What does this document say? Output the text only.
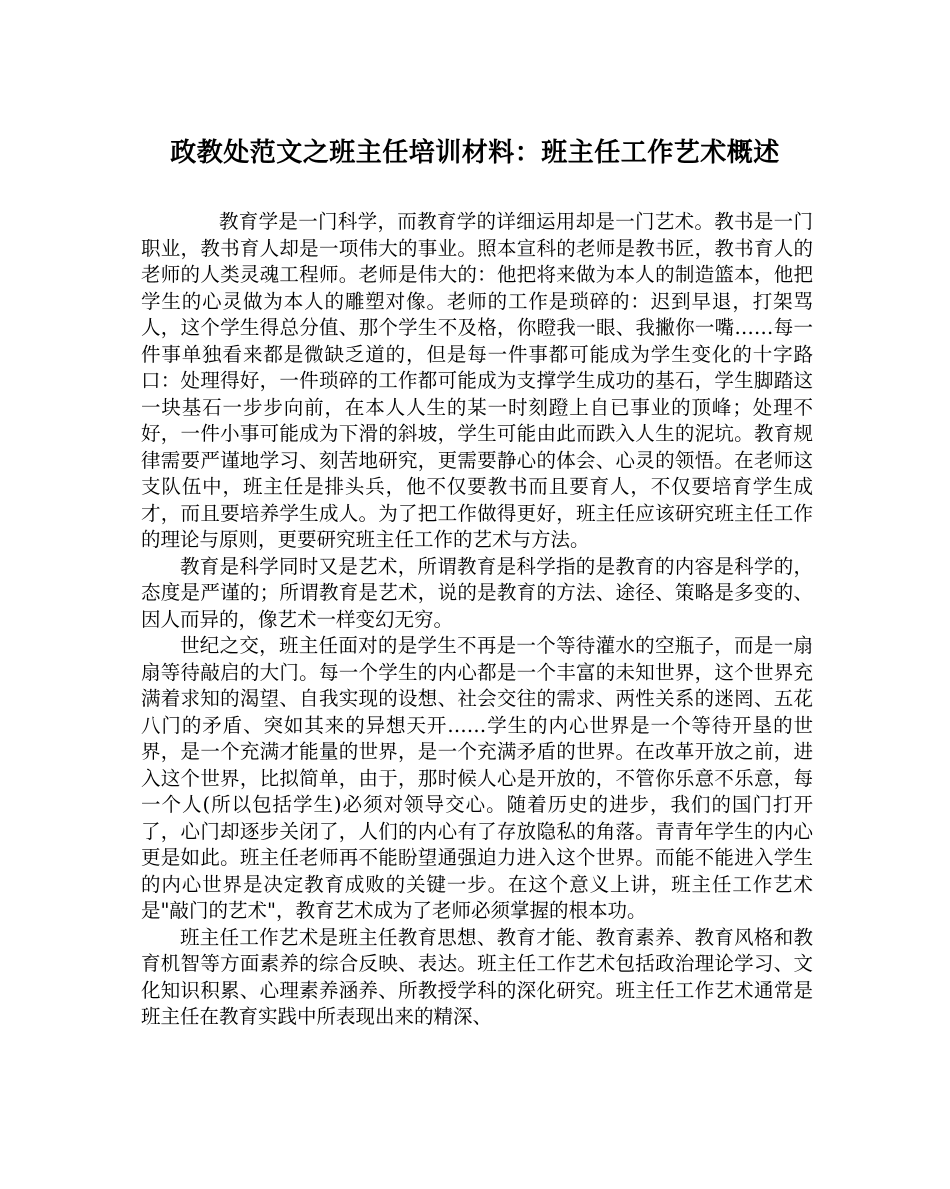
政教处范文之班主任培训材料：班主任工作艺术概述

教育学是一门科学，而教育学的详细运用却是一门艺术。教书是一门职业，教书育人却是一项伟大的事业。照本宣科的老师是教书匠，教书育人的老师的人类灵魂工程师。老师是伟大的：他把将来做为本人的制造篮本，他把学生的心灵做为本人的雕塑对像。老师的工作是琐碎的：迟到早退，打架骂人，这个学生得总分值、那个学生不及格，你瞪我一眼、我撇你一嘴……每一件事单独看来都是微缺乏道的，但是每一件事都可能成为学生变化的十字路口：处理得好，一件琐碎的工作都可能成为支撑学生成功的基石，学生脚踏这一块基石一步步向前，在本人人生的某一时刻蹬上自已事业的顶峰；处理不好，一件小事可能成为下滑的斜坡，学生可能由此而跌入人生的泥坑。教育规律需要严谨地学习、刻苦地研究，更需要静心的体会、心灵的领悟。在老师这支队伍中，班主任是排头兵，他不仅要教书而且要育人，不仅要培育学生成才，而且要培养学生成人。为了把工作做得更好，班主任应该研究班主任工作的理论与原则，更要研究班主任工作的艺术与方法。

教育是科学同时又是艺术，所谓教育是科学指的是教育的内容是科学的，态度是严谨的；所谓教育是艺术，说的是教育的方法、途径、策略是多变的、因人而异的，像艺术一样变幻无穷。

世纪之交，班主任面对的是学生不再是一个等待灌水的空瓶子，而是一扇扇等待敲启的大门。每一个学生的内心都是一个丰富的未知世界，这个世界充满着求知的渴望、自我实现的设想、社会交往的需求、两性关系的迷罔、五花八门的矛盾、突如其来的异想天开……学生的内心世界是一个等待开垦的世界，是一个充满才能量的世界，是一个充满矛盾的世界。在改革开放之前，进入这个世界，比拟简单，由于，那时候人心是开放的，不管你乐意不乐意，每一个人(所以包括学生)必须对领导交心。随着历史的进步，我们的国门打开了，心门却逐步关闭了，人们的内心有了存放隐私的角落。青青年学生的内心更是如此。班主任老师再不能盼望通强迫力进入这个世界。而能不能进入学生的内心世界是决定教育成败的关键一步。在这个意义上讲，班主任工作艺术是"敲门的艺术"，教育艺术成为了老师必须掌握的根本功。

班主任工作艺术是班主任教育思想、教育才能、教育素养、教育风格和教育机智等方面素养的综合反映、表达。班主任工作艺术包括政治理论学习、文化知识积累、心理素养涵养、所教授学科的深化研究。班主任工作艺术通常是班主任在教育实践中所表现出来的精深、
